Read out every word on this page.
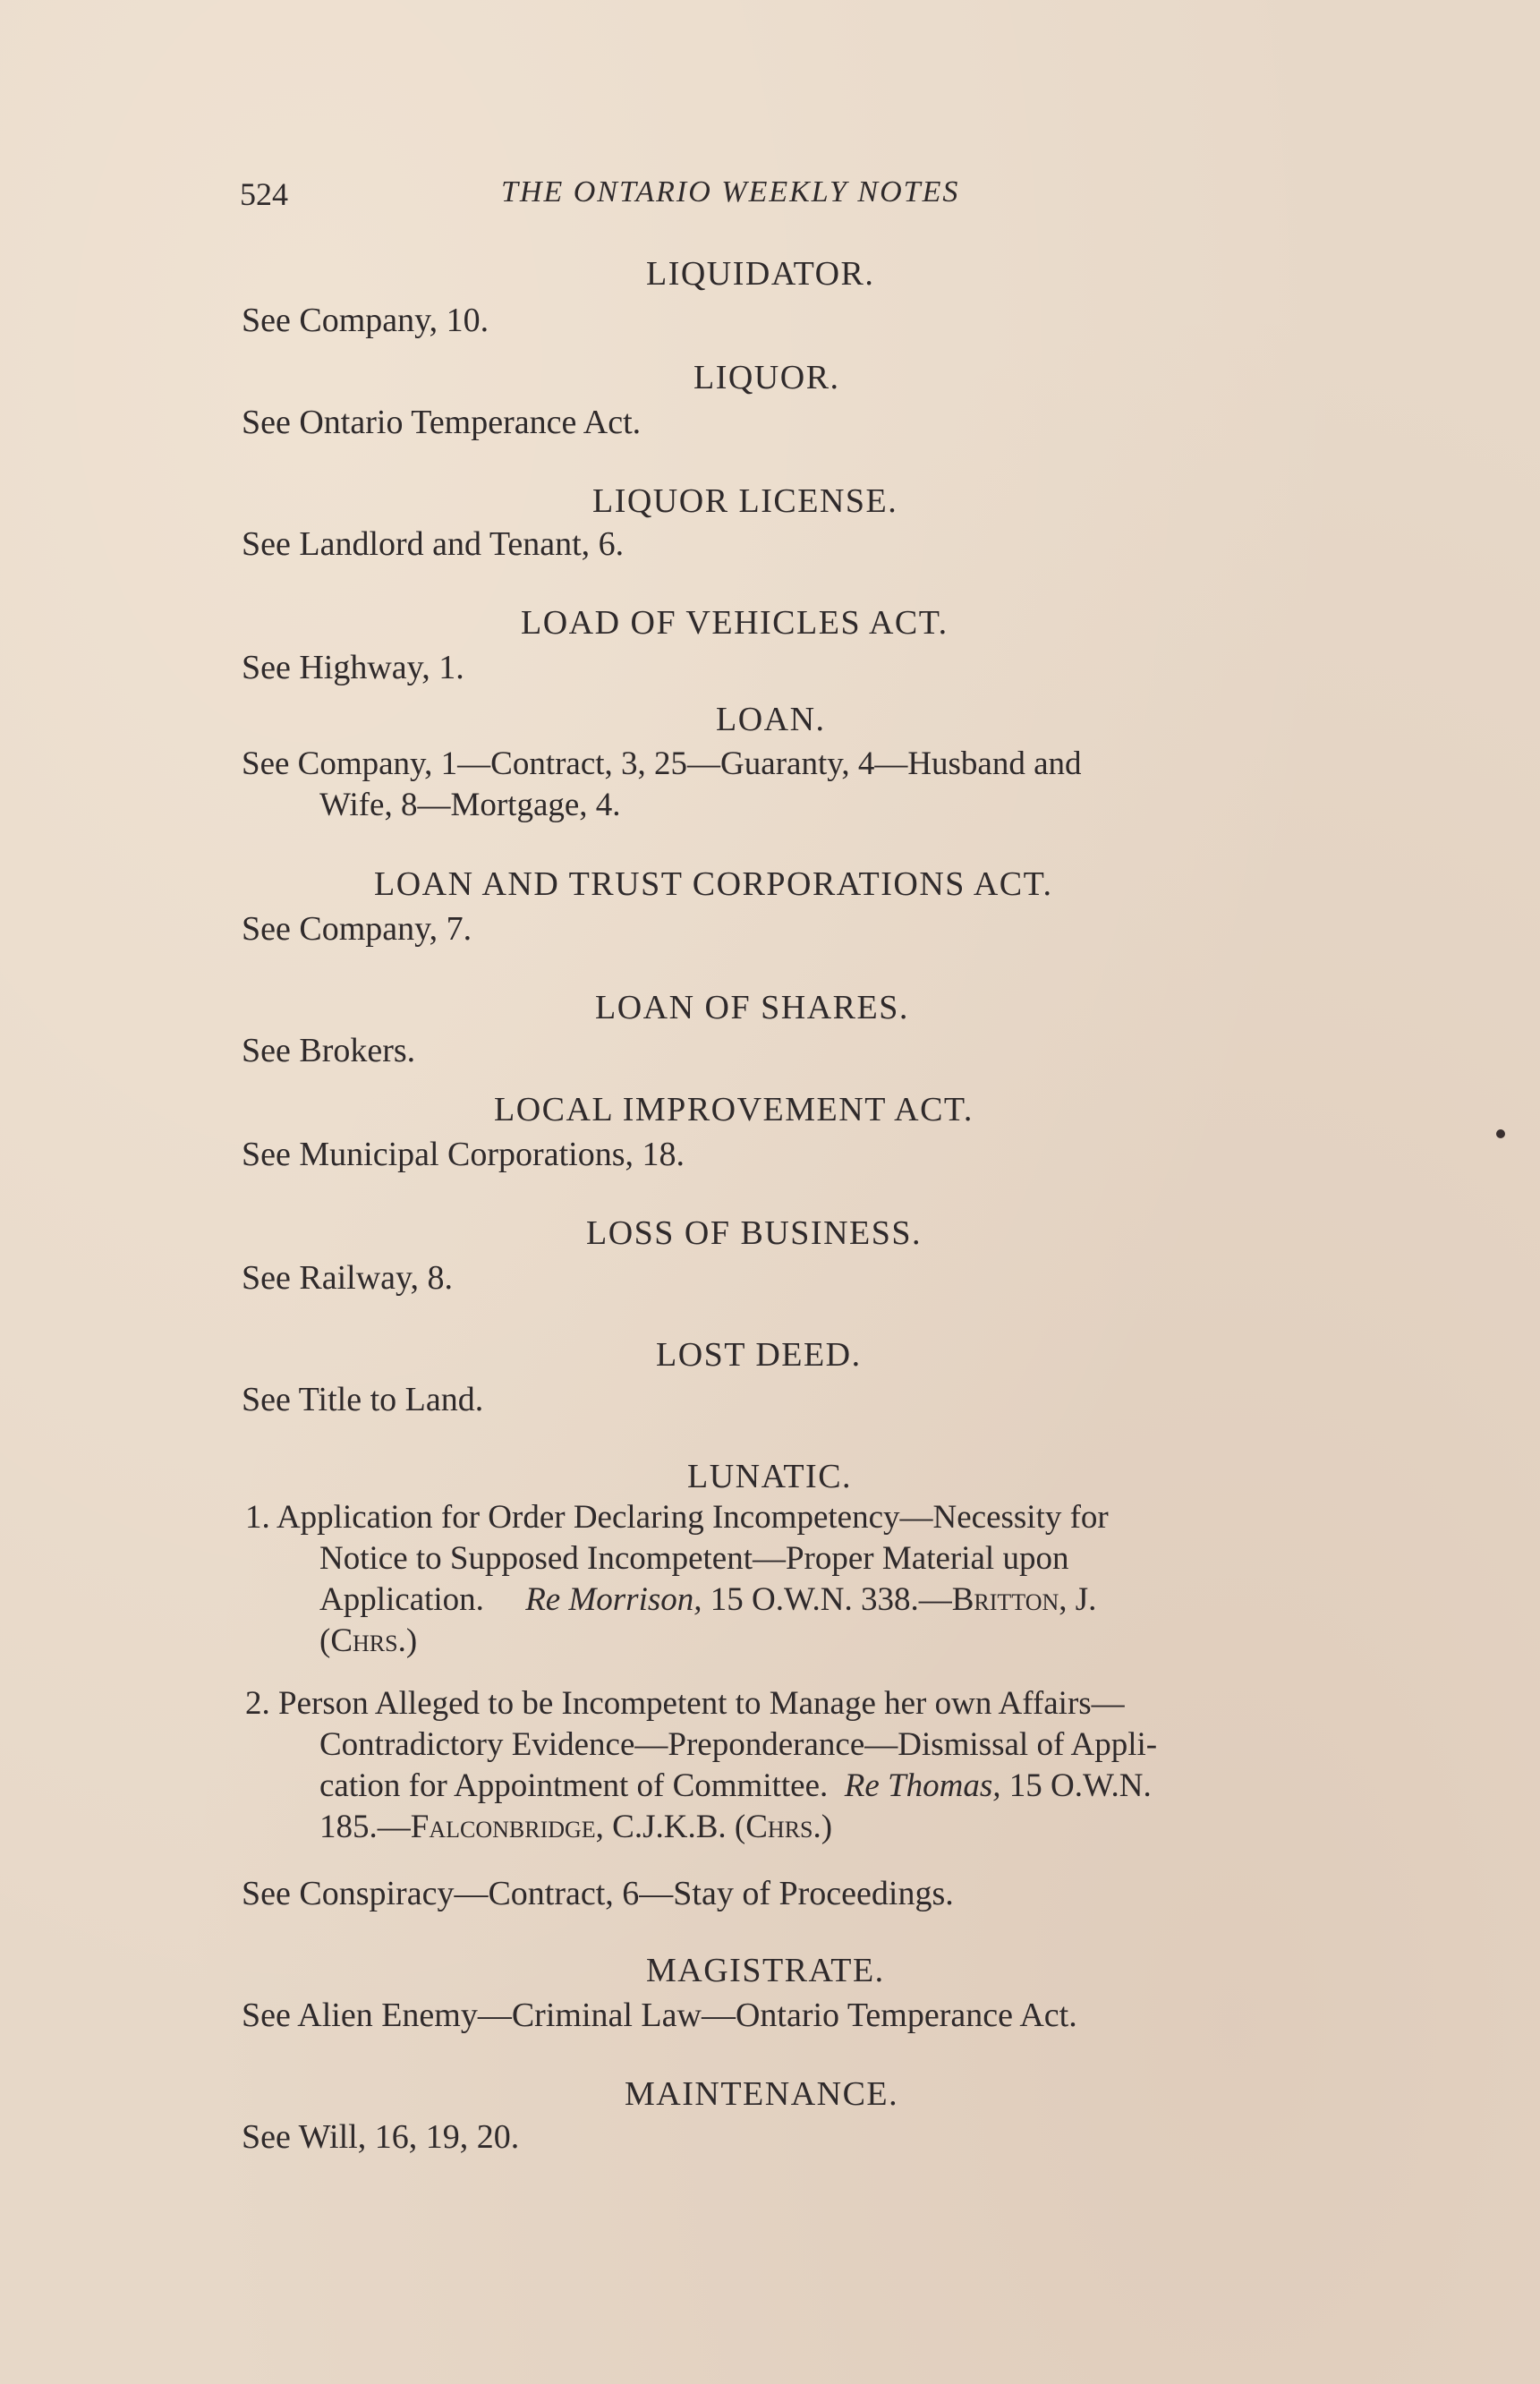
524	THE ONTARIO WEEKLY NOTES
LIQUIDATOR.
See Company, 10.
LIQUOR.
See Ontario Temperance Act.
LIQUOR LICENSE.
See Landlord and Tenant, 6.
LOAD OF VEHICLES ACT.
See Highway, 1.
LOAN.
See Company, 1—Contract, 3, 25—Guaranty, 4—Husband and
Wife, 8—Mortgage, 4.
LOAN AND TRUST CORPORATIONS ACT.
See Company, 7.
LOAN OF SHARES.
See Brokers.
LOCAL IMPROVEMENT ACT.
See Municipal Corporations, 18.
LOSS OF BUSINESS.
See Railway, 8.
LOST DEED.
See Title to Land.
LUNATIC.
1. Application for Order Declaring Incompetency—Necessity for
Notice to Supposed Incompetent—Proper Material upon
Application. Re Morrison, 15 O.W.N. 338.—Britton, J.
(Chrs.)
2. Person Alleged to be Incompetent to Manage her own Affairs—
Contradictory Evidence—Preponderance—Dismissal of Appli-
cation for Appointment of Committee. Re Thomas, 15 O.W.N.
185.—Falconbridge, C.J.K.B. (Chrs.)
See Conspiracy—Contract, 6—Stay of Proceedings.
MAGISTRATE.
See Alien Enemy—Criminal Law—Ontario Temperance Act.
MAINTENANCE.
See Will, 16, 19, 20.
